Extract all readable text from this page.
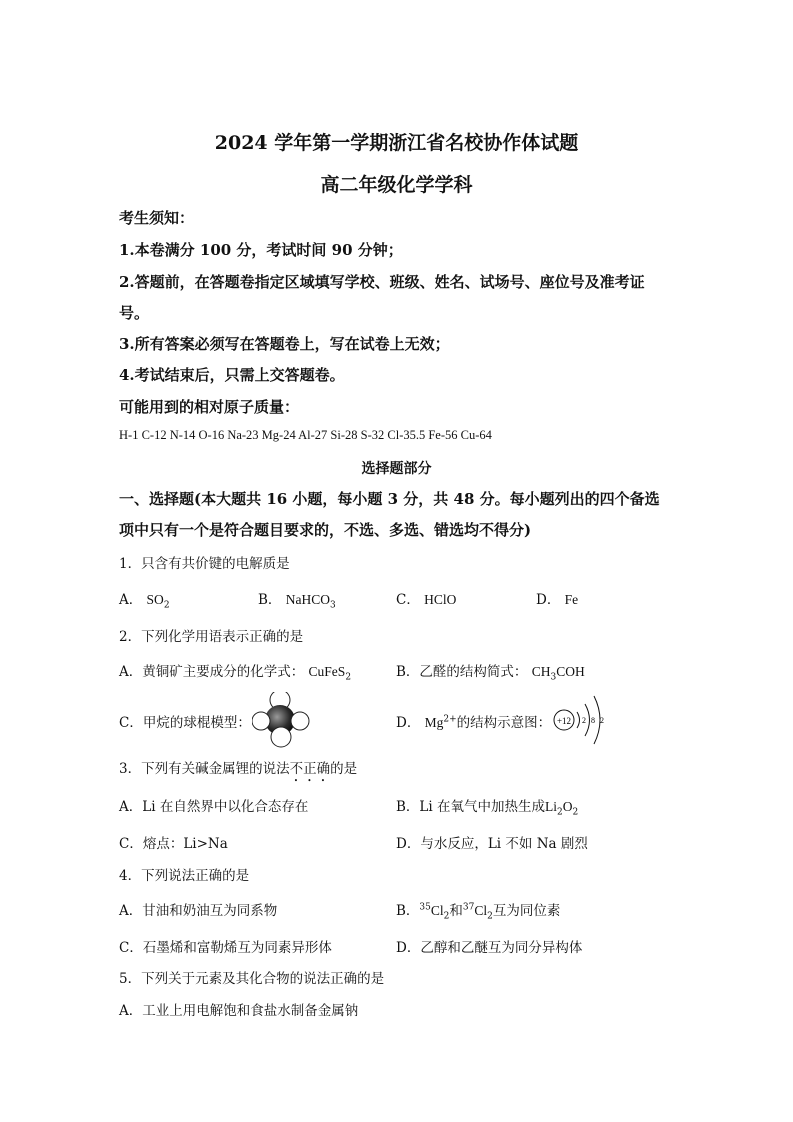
2024 学年第一学期浙江省名校协作体试题
高二年级化学学科
考生须知：
1.本卷满分 100 分，考试时间 90 分钟；
2.答题前，在答题卷指定区域填写学校、班级、姓名、试场号、座位号及准考证
号。
3.所有答案必须写在答题卷上，写在试卷上无效；
4.考试结束后，只需上交答题卷。
可能用到的相对原子质量：
H-1 C-12 N-14 O-16 Na-23 Mg-24 Al-27 Si-28 S-32 Cl-35.5 Fe-56 Cu-64
选择题部分
一、选择题(本大题共 16 小题，每小题 3 分，共 48 分。每小题列出的四个备选
项中只有一个是符合题目要求的，不选、多选、错选均不得分)
1．只含有共价键的电解质是
A． $SO_2$	B． NaHCO$_3$	C． HClO	D． Fe
2．下列化学用语表示正确的是
A．黄铜矿主要成分的化学式： CuFeS$_2$	B．乙醛的结构简式： $CH_3COH$
C．甲烷的球棍模型：	D． $Mg^{2+}$的结构示意图： +12 2 8 2
3．下列有关碱金属锂的说法不正确的是
A．Li 在自然界中以化合态存在	B．Li 在氧气中加热生成$Li_2O_2$
C．熔点：Li>Na	D．与水反应，Li 不如 Na 剧烈
4．下列说法正确的是
A．甘油和奶油互为同系物	B．$^{35}Cl_2$和$^{37}Cl_2$互为同位素
C．石墨烯和富勒烯互为同素异形体	D．乙醇和乙醚互为同分异构体
5．下列关于元素及其化合物的说法正确的是
A．工业上用电解饱和食盐水制备金属钠
